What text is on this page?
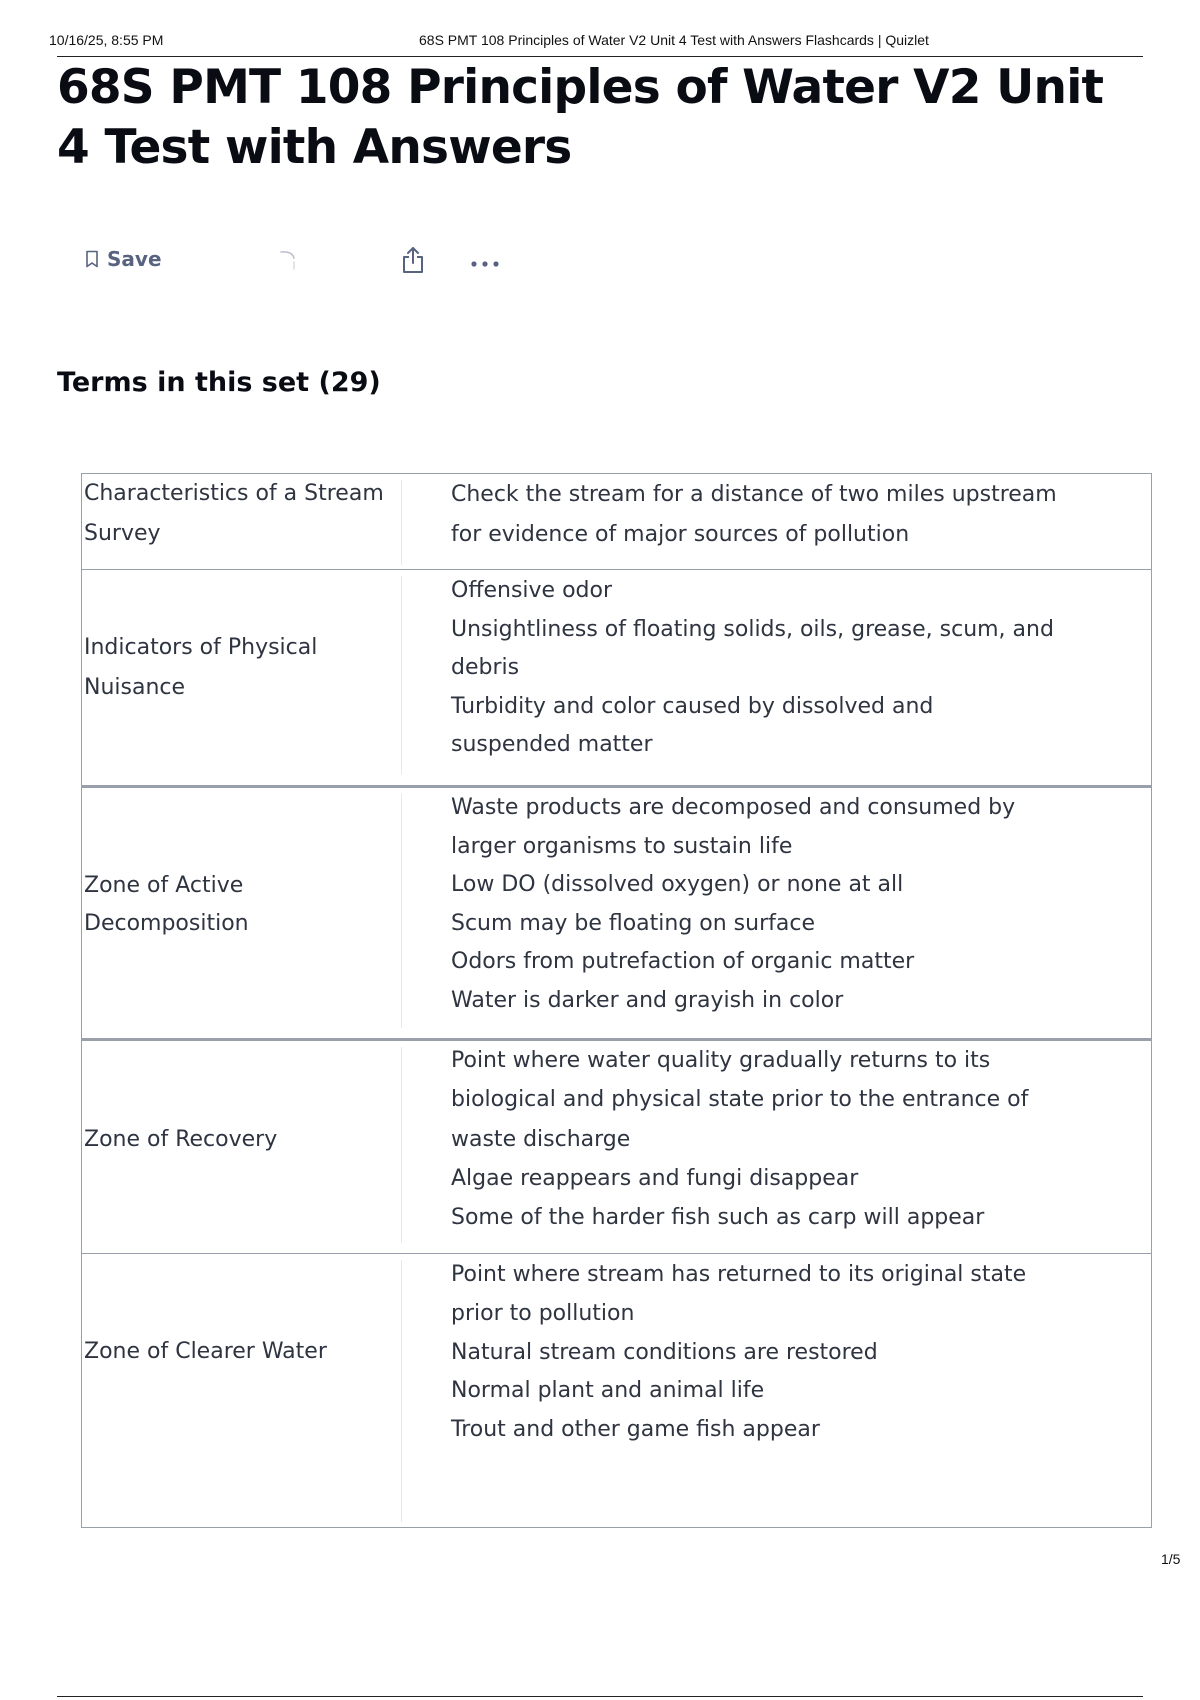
10/16/25, 8:55 PM	68S PMT 108 Principles of Water V2 Unit 4 Test with Answers Flashcards | Quizlet
68S PMT 108 Principles of Water V2 Unit 4 Test with Answers
Save
Terms in this set (29)
Characteristics of a Stream
Survey
Check the stream for a distance of two miles upstream
for evidence of major sources of pollution
Indicators of Physical
Nuisance
Offensive odor
Unsightliness of floating solids, oils, grease, scum, and
debris
Turbidity and color caused by dissolved and
suspended matter
Zone of Active
Decomposition
Waste products are decomposed and consumed by
larger organisms to sustain life
Low DO (dissolved oxygen) or none at all
Scum may be floating on surface
Odors from putrefaction of organic matter
Water is darker and grayish in color
Zone of Recovery
Point where water quality gradually returns to its
biological and physical state prior to the entrance of
waste discharge
Algae reappears and fungi disappear
Some of the harder fish such as carp will appear
Zone of Clearer Water
Point where stream has returned to its original state
prior to pollution
Natural stream conditions are restored
Normal plant and animal life
Trout and other game fish appear
1/5
